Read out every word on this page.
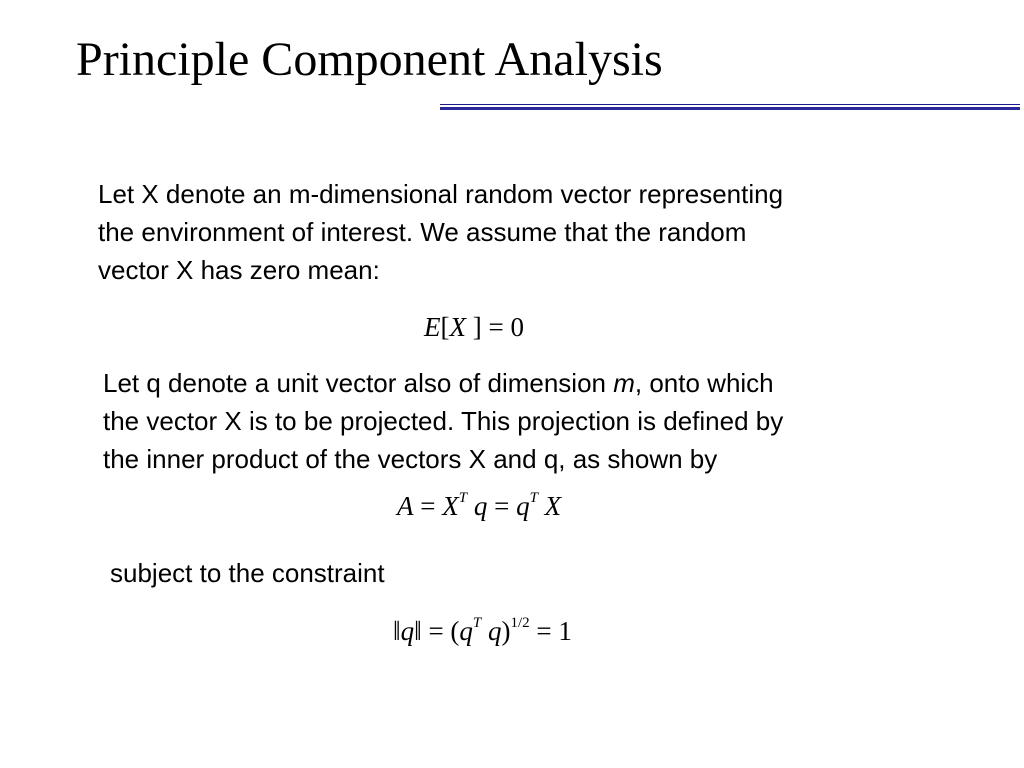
Principle Component Analysis
Let X denote an m-dimensional random vector representing
the environment of interest. We assume that the random
vector X has zero mean:
E[X ] = 0
Let q denote a unit vector also of dimension m, onto which
the vector X is to be projected. This projection is defined by
the inner product of the vectors X and q, as shown by
$A = X^T$ $q = q^T$ X
subject to the constraint
‖q‖ = ($q^T$ q)$^{1/2}$ = 1
